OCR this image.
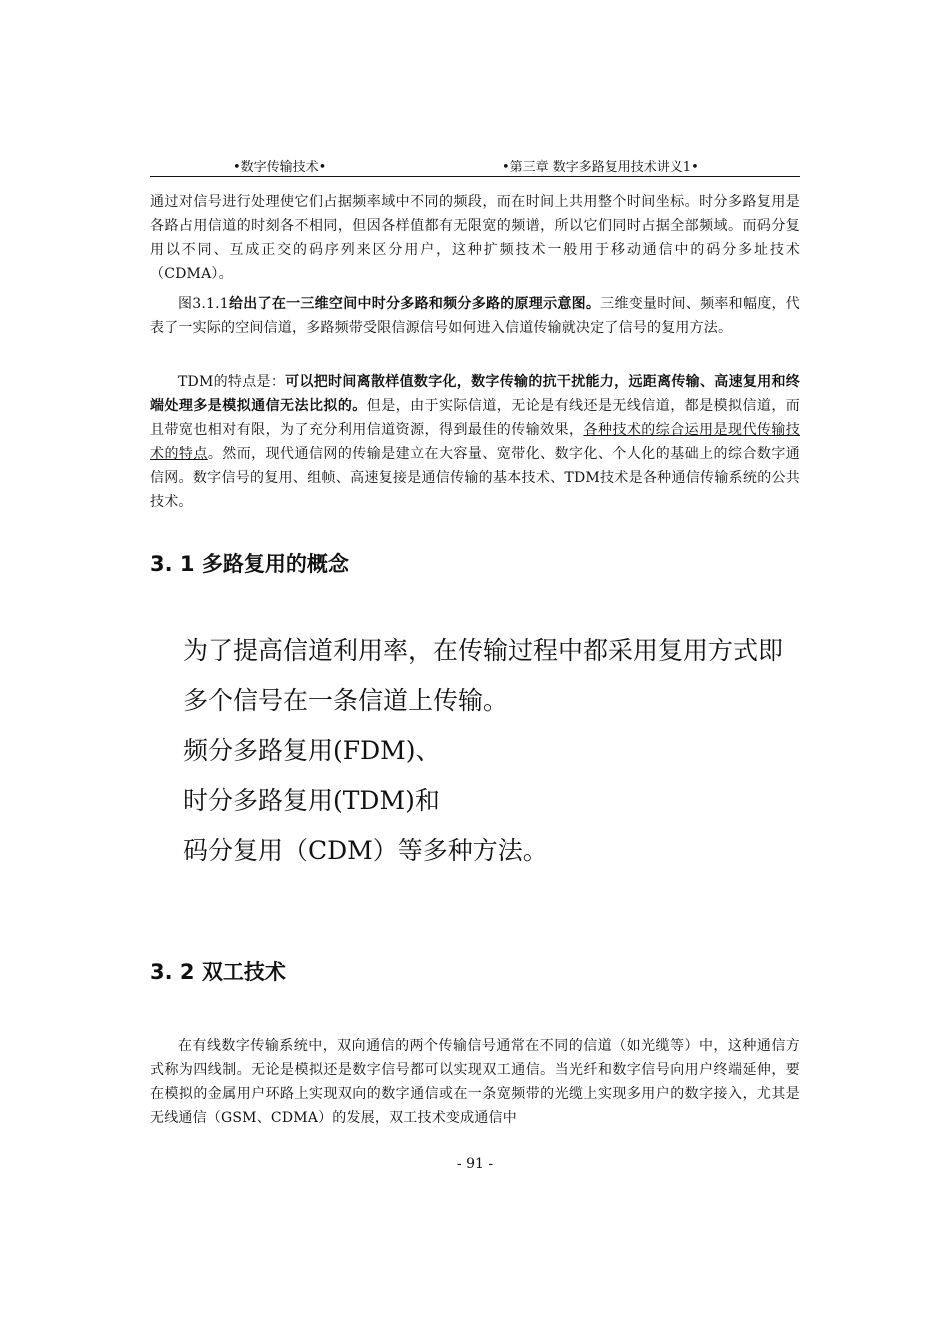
•数字传输技术•	•第三章 数字多路复用技术讲义1•
通过对信号进行处理使它们占据频率域中不同的频段，而在时间上共用整个时间坐标。时分多路复用是各路占用信道的时刻各不相同，但因各样值都有无限宽的频谱，所以它们同时占据全部频域。而码分复用以不同、互成正交的码序列来区分用户，这种扩频技术一般用于移动通信中的码分多址技术（CDMA）。
图3.1.1给出了在一三维空间中时分多路和频分多路的原理示意图。三维变量时间、频率和幅度，代表了一实际的空间信道，多路频带受限信源信号如何进入信道传输就决定了信号的复用方法。
TDM的特点是：可以把时间离散样值数字化，数字传输的抗干扰能力，远距离传输、高速复用和终端处理多是模拟通信无法比拟的。但是，由于实际信道，无论是有线还是无线信道，都是模拟信道，而且带宽也相对有限，为了充分利用信道资源，得到最佳的传输效果，各种技术的综合运用是现代传输技术的特点。然而，现代通信网的传输是建立在大容量、宽带化、数字化、个人化的基础上的综合数字通信网。数字信号的复用、组帧、高速复接是通信传输的基本技术、TDM技术是各种通信传输系统的公共技术。
3. 1 多路复用的概念
为了提高信道利用率，在传输过程中都采用复用方式即
多个信号在一条信道上传输。
频分多路复用(FDM)、
时分多路复用(TDM)和
码分复用（CDM）等多种方法。
3. 2 双工技术
在有线数字传输系统中，双向通信的两个传输信号通常在不同的信道（如光缆等）中，这种通信方式称为四线制。无论是模拟还是数字信号都可以实现双工通信。当光纤和数字信号向用户终端延伸，要在模拟的金属用户环路上实现双向的数字通信或在一条宽频带的光缆上实现多用户的数字接入，尤其是无线通信（GSM、CDMA）的发展，双工技术变成通信中
- 91 -
